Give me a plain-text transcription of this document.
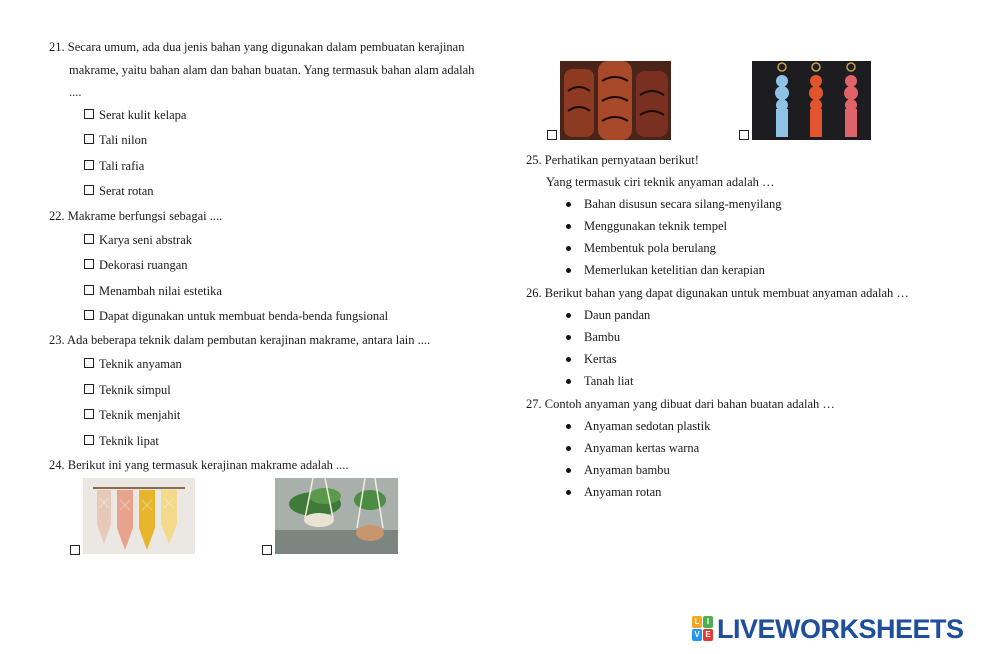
21. Secara umum, ada dua jenis bahan yang digunakan dalam pembuatan kerajinan
makrame, yaitu bahan alam dan bahan buatan. Yang termasuk bahan alam adalah
....
Serat kulit kelapa
Tali nilon
Tali rafia
Serat rotan
22. Makrame berfungsi sebagai ....
Karya seni abstrak
Dekorasi ruangan
Menambah nilai estetika
Dapat digunakan untuk membuat benda-benda fungsional
23. Ada beberapa teknik dalam pembutan kerajinan makrame, antara lain ....
Teknik anyaman
Teknik simpul
Teknik menjahit
Teknik lipat
24. Berikut ini yang termasuk kerajinan makrame adalah ....
25. Perhatikan pernyataan berikut!
Yang termasuk ciri teknik anyaman adalah …
Bahan disusun secara silang-menyilang
Menggunakan teknik tempel
Membentuk pola berulang
Memerlukan ketelitian dan kerapian
26. Berikut bahan yang dapat digunakan untuk membuat anyaman adalah …
Daun pandan
Bambu
Kertas
Tanah liat
27. Contoh anyaman yang dibuat dari bahan buatan adalah …
Anyaman sedotan plastik
Anyaman kertas warna
Anyaman bambu
Anyaman rotan
L I
V E LIVEWORKSHEETS
